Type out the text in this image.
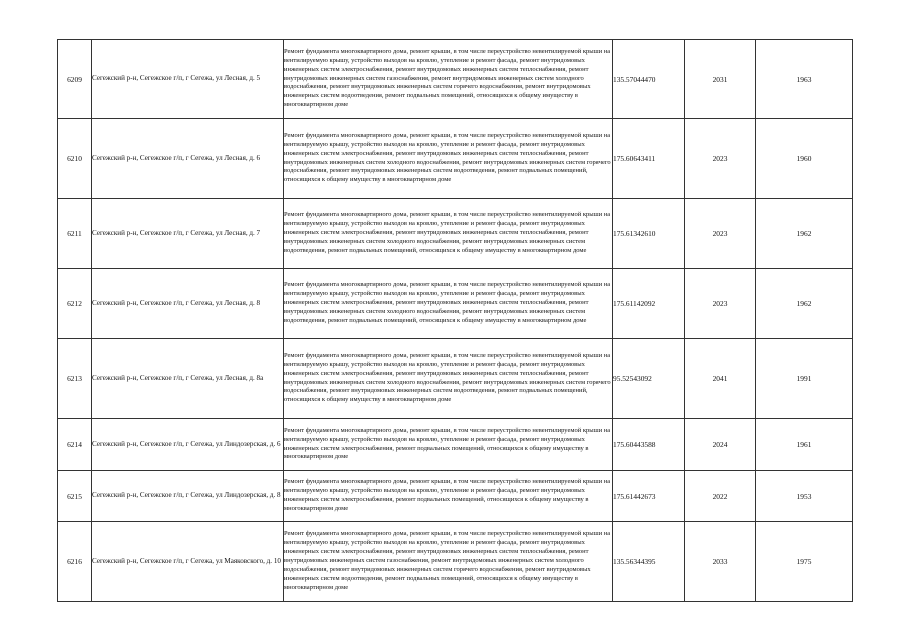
6209	Сегежский р-н, Сегежское г/п, г Сегежа, ул Лесная, д. 5	Ремонт фундамента многоквартирного дома, ремонт крыши, в том числе переустройство невентилируемой крыши на вентилируемую крышу, устройство выходов на кровлю, утепление и ремонт фасада, ремонт внутридомовых инженерных систем электроснабжения, ремонт внутридомовых инженерных систем теплоснабжения, ремонт внутридомовых инженерных систем газоснабжения, ремонт внутридомовых инженерных систем холодного водоснабжения, ремонт внутридомовых инженерных систем горячего водоснабжения, ремонт внутридомовых инженерных систем водоотведения, ремонт подвальных помещений, относящихся к общему имуществу в многоквартирном доме	135.57044470	2031	1963
6210	Сегежский р-н, Сегежское г/п, г Сегежа, ул Лесная, д. 6	Ремонт фундамента многоквартирного дома, ремонт крыши, в том числе переустройство невентилируемой крыши на вентилируемую крышу, устройство выходов на кровлю, утепление и ремонт фасада, ремонт внутридомовых инженерных систем электроснабжения, ремонт внутридомовых инженерных систем теплоснабжения, ремонт внутридомовых инженерных систем холодного водоснабжения, ремонт внутридомовых инженерных систем горячего водоснабжения, ремонт внутридомовых инженерных систем водоотведения, ремонт подвальных помещений, относящихся к общему имуществу в многоквартирном доме	175.60643411	2023	1960
6211	Сегежский р-н, Сегежское г/п, г Сегежа, ул Лесная, д. 7	Ремонт фундамента многоквартирного дома, ремонт крыши, в том числе переустройство невентилируемой крыши на вентилируемую крышу, устройство выходов на кровлю, утепление и ремонт фасада, ремонт внутридомовых инженерных систем электроснабжения, ремонт внутридомовых инженерных систем теплоснабжения, ремонт внутридомовых инженерных систем холодного водоснабжения, ремонт внутридомовых инженерных систем водоотведения, ремонт подвальных помещений, относящихся к общему имуществу в многоквартирном доме	175.61342610	2023	1962
6212	Сегежский р-н, Сегежское г/п, г Сегежа, ул Лесная, д. 8	Ремонт фундамента многоквартирного дома, ремонт крыши, в том числе переустройство невентилируемой крыши на вентилируемую крышу, устройство выходов на кровлю, утепление и ремонт фасада, ремонт внутридомовых инженерных систем электроснабжения, ремонт внутридомовых инженерных систем теплоснабжения, ремонт внутридомовых инженерных систем холодного водоснабжения, ремонт внутридомовых инженерных систем водоотведения, ремонт подвальных помещений, относящихся к общему имуществу в многоквартирном доме	175.61142092	2023	1962
6213	Сегежский р-н, Сегежское г/п, г Сегежа, ул Лесная, д. 8а	Ремонт фундамента многоквартирного дома, ремонт крыши, в том числе переустройство невентилируемой крыши на вентилируемую крышу, устройство выходов на кровлю, утепление и ремонт фасада, ремонт внутридомовых инженерных систем электроснабжения, ремонт внутридомовых инженерных систем теплоснабжения, ремонт внутридомовых инженерных систем холодного водоснабжения, ремонт внутридомовых инженерных систем горячего водоснабжения, ремонт внутридомовых инженерных систем водоотведения, ремонт подвальных помещений, относящихся к общему имуществу в многоквартирном доме	95.52543092	2041	1991
6214	Сегежский р-н, Сегежское г/п, г Сегежа, ул Линдозерская, д. 6	Ремонт фундамента многоквартирного дома, ремонт крыши, в том числе переустройство невентилируемой крыши на вентилируемую крышу, устройство выходов на кровлю, утепление и ремонт фасада, ремонт внутридомовых инженерных систем электроснабжения, ремонт подвальных помещений, относящихся к общему имуществу в многоквартирном доме	175.60443588	2024	1961
6215	Сегежский р-н, Сегежское г/п, г Сегежа, ул Линдозерская, д. 8	Ремонт фундамента многоквартирного дома, ремонт крыши, в том числе переустройство невентилируемой крыши на вентилируемую крышу, устройство выходов на кровлю, утепление и ремонт фасада, ремонт внутридомовых инженерных систем электроснабжения, ремонт подвальных помещений, относящихся к общему имуществу в многоквартирном доме	175.61442673	2022	1953
6216	Сегежский р-н, Сегежское г/п, г Сегежа, ул Маяковского, д. 10	Ремонт фундамента многоквартирного дома, ремонт крыши, в том числе переустройство невентилируемой крыши на вентилируемую крышу, устройство выходов на кровлю, утепление и ремонт фасада, ремонт внутридомовых инженерных систем электроснабжения, ремонт внутридомовых инженерных систем теплоснабжения, ремонт внутридомовых инженерных систем газоснабжения, ремонт внутридомовых инженерных систем холодного водоснабжения, ремонт внутридомовых инженерных систем горячего водоснабжения, ремонт внутридомовых инженерных систем водоотведения, ремонт подвальных помещений, относящихся к общему имуществу в многоквартирном доме	135.56344395	2033	1975
